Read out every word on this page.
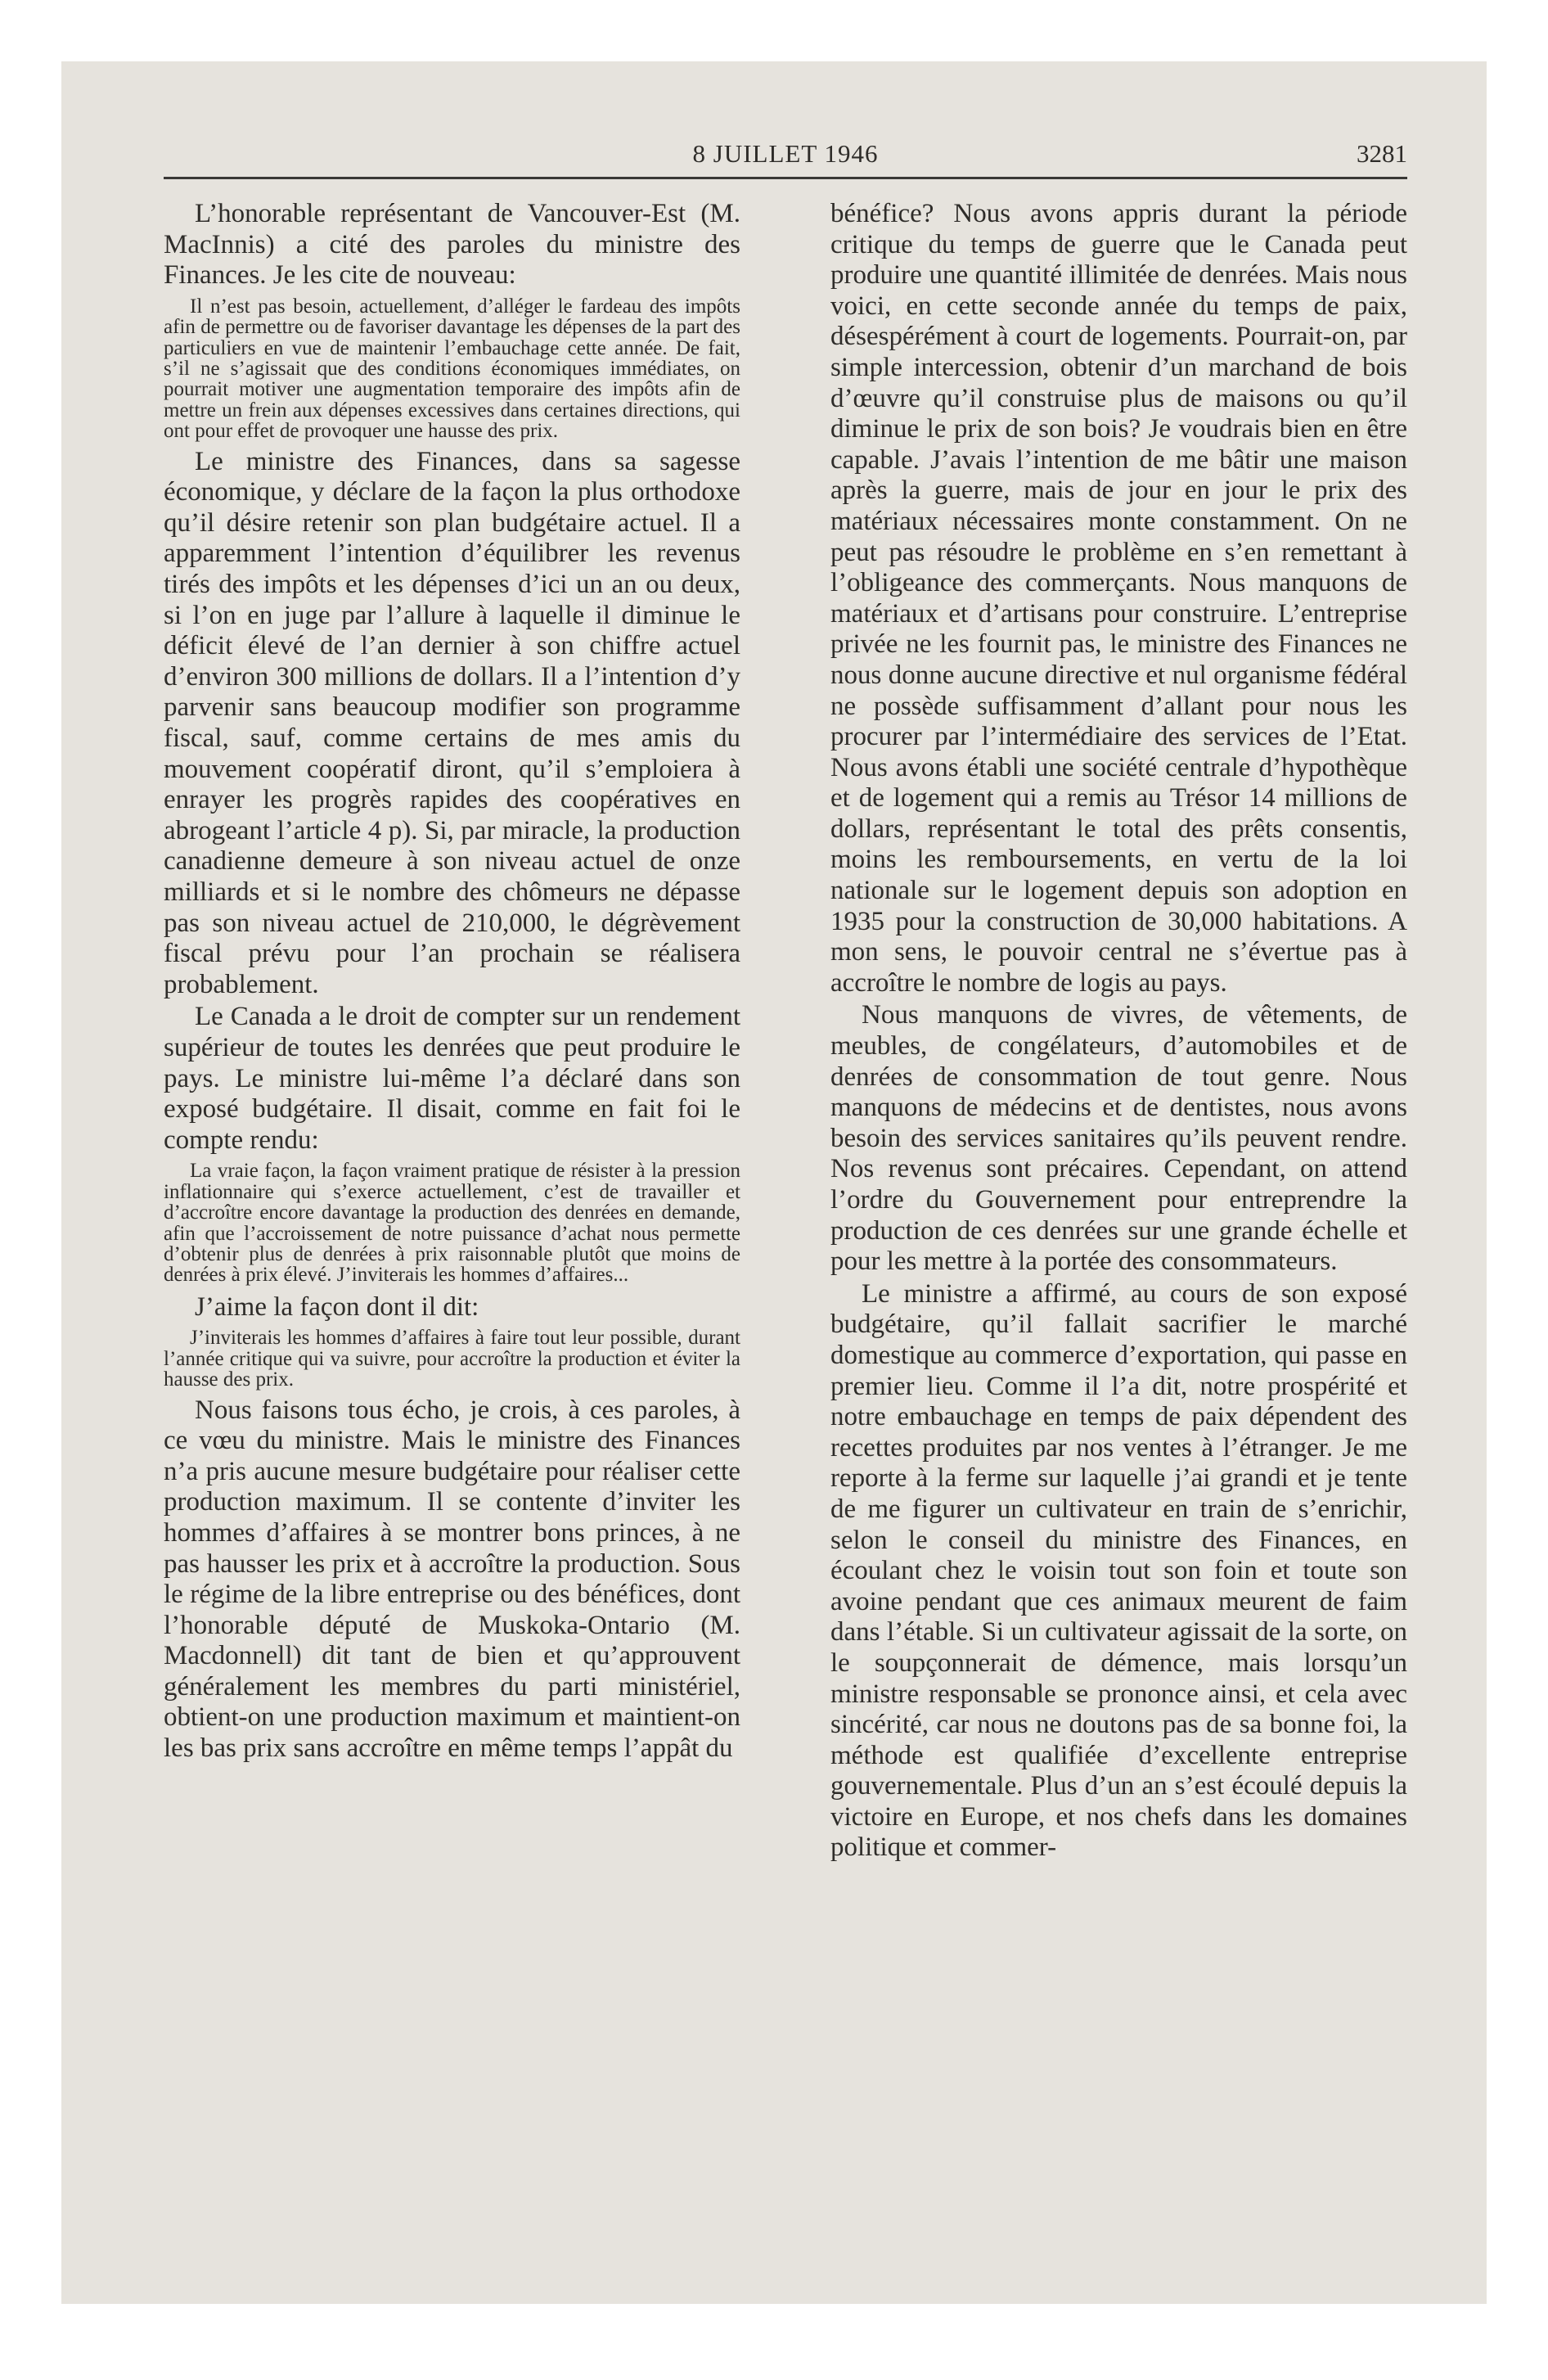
8 JUILLET 1946	3281

L’honorable représentant de Vancouver-Est (M. MacInnis) a cité des paroles du ministre des Finances. Je les cite de nouveau:

Il n’est pas besoin, actuellement, d’alléger le fardeau des impôts afin de permettre ou de favoriser davantage les dépenses de la part des particuliers en vue de maintenir l’embauchage cette année. De fait, s’il ne s’agissait que des conditions économiques immédiates, on pourrait motiver une augmentation temporaire des impôts afin de mettre un frein aux dépenses excessives dans certaines directions, qui ont pour effet de provoquer une hausse des prix.

Le ministre des Finances, dans sa sagesse économique, y déclare de la façon la plus orthodoxe qu’il désire retenir son plan budgétaire actuel. Il a apparemment l’intention d’équilibrer les revenus tirés des impôts et les dépenses d’ici un an ou deux, si l’on en juge par l’allure à laquelle il diminue le déficit élevé de l’an dernier à son chiffre actuel d’environ 300 millions de dollars. Il a l’intention d’y parvenir sans beaucoup modifier son programme fiscal, sauf, comme certains de mes amis du mouvement coopératif diront, qu’il s’emploiera à enrayer les progrès rapides des coopératives en abrogeant l’article 4 p). Si, par miracle, la production canadienne demeure à son niveau actuel de onze milliards et si le nombre des chômeurs ne dépasse pas son niveau actuel de 210,000, le dégrèvement fiscal prévu pour l’an prochain se réalisera probablement.

Le Canada a le droit de compter sur un rendement supérieur de toutes les denrées que peut produire le pays. Le ministre lui-même l’a déclaré dans son exposé budgétaire. Il disait, comme en fait foi le compte rendu:

La vraie façon, la façon vraiment pratique de résister à la pression inflationnaire qui s’exerce actuellement, c’est de travailler et d’accroître encore davantage la production des denrées en demande, afin que l’accroissement de notre puissance d’achat nous permette d’obtenir plus de denrées à prix raisonnable plutôt que moins de denrées à prix élevé. J’inviterais les hommes d’affaires...

J’aime la façon dont il dit:

J’inviterais les hommes d’affaires à faire tout leur possible, durant l’année critique qui va suivre, pour accroître la production et éviter la hausse des prix.

Nous faisons tous écho, je crois, à ces paroles, à ce vœu du ministre. Mais le ministre des Finances n’a pris aucune mesure budgétaire pour réaliser cette production maximum. Il se contente d’inviter les hommes d’affaires à se montrer bons princes, à ne pas hausser les prix et à accroître la production. Sous le régime de la libre entreprise ou des bénéfices, dont l’honorable député de Muskoka-Ontario (M. Macdonnell) dit tant de bien et qu’approuvent généralement les membres du parti ministériel, obtient-on une production maximum et maintient-on les bas prix sans accroître en même temps l’appât du

bénéfice? Nous avons appris durant la période critique du temps de guerre que le Canada peut produire une quantité illimitée de denrées. Mais nous voici, en cette seconde année du temps de paix, désespérément à court de logements. Pourrait-on, par simple intercession, obtenir d’un marchand de bois d’œuvre qu’il construise plus de maisons ou qu’il diminue le prix de son bois? Je voudrais bien en être capable. J’avais l’intention de me bâtir une maison après la guerre, mais de jour en jour le prix des matériaux nécessaires monte constamment. On ne peut pas résoudre le problème en s’en remettant à l’obligeance des commerçants. Nous manquons de matériaux et d’artisans pour construire. L’entreprise privée ne les fournit pas, le ministre des Finances ne nous donne aucune directive et nul organisme fédéral ne possède suffisamment d’allant pour nous les procurer par l’intermédiaire des services de l’Etat. Nous avons établi une société centrale d’hypothèque et de logement qui a remis au Trésor 14 millions de dollars, représentant le total des prêts consentis, moins les remboursements, en vertu de la loi nationale sur le logement depuis son adoption en 1935 pour la construction de 30,000 habitations. A mon sens, le pouvoir central ne s’évertue pas à accroître le nombre de logis au pays.

Nous manquons de vivres, de vêtements, de meubles, de congélateurs, d’automobiles et de denrées de consommation de tout genre. Nous manquons de médecins et de dentistes, nous avons besoin des services sanitaires qu’ils peuvent rendre. Nos revenus sont précaires. Cependant, on attend l’ordre du Gouvernement pour entreprendre la production de ces denrées sur une grande échelle et pour les mettre à la portée des consommateurs.

Le ministre a affirmé, au cours de son exposé budgétaire, qu’il fallait sacrifier le marché domestique au commerce d’exportation, qui passe en premier lieu. Comme il l’a dit, notre prospérité et notre embauchage en temps de paix dépendent des recettes produites par nos ventes à l’étranger. Je me reporte à la ferme sur laquelle j’ai grandi et je tente de me figurer un cultivateur en train de s’enrichir, selon le conseil du ministre des Finances, en écoulant chez le voisin tout son foin et toute son avoine pendant que ces animaux meurent de faim dans l’étable. Si un cultivateur agissait de la sorte, on le soupçonnerait de démence, mais lorsqu’un ministre responsable se prononce ainsi, et cela avec sincérité, car nous ne doutons pas de sa bonne foi, la méthode est qualifiée d’excellente entreprise gouvernementale. Plus d’un an s’est écoulé depuis la victoire en Europe, et nos chefs dans les domaines politique et commer-
